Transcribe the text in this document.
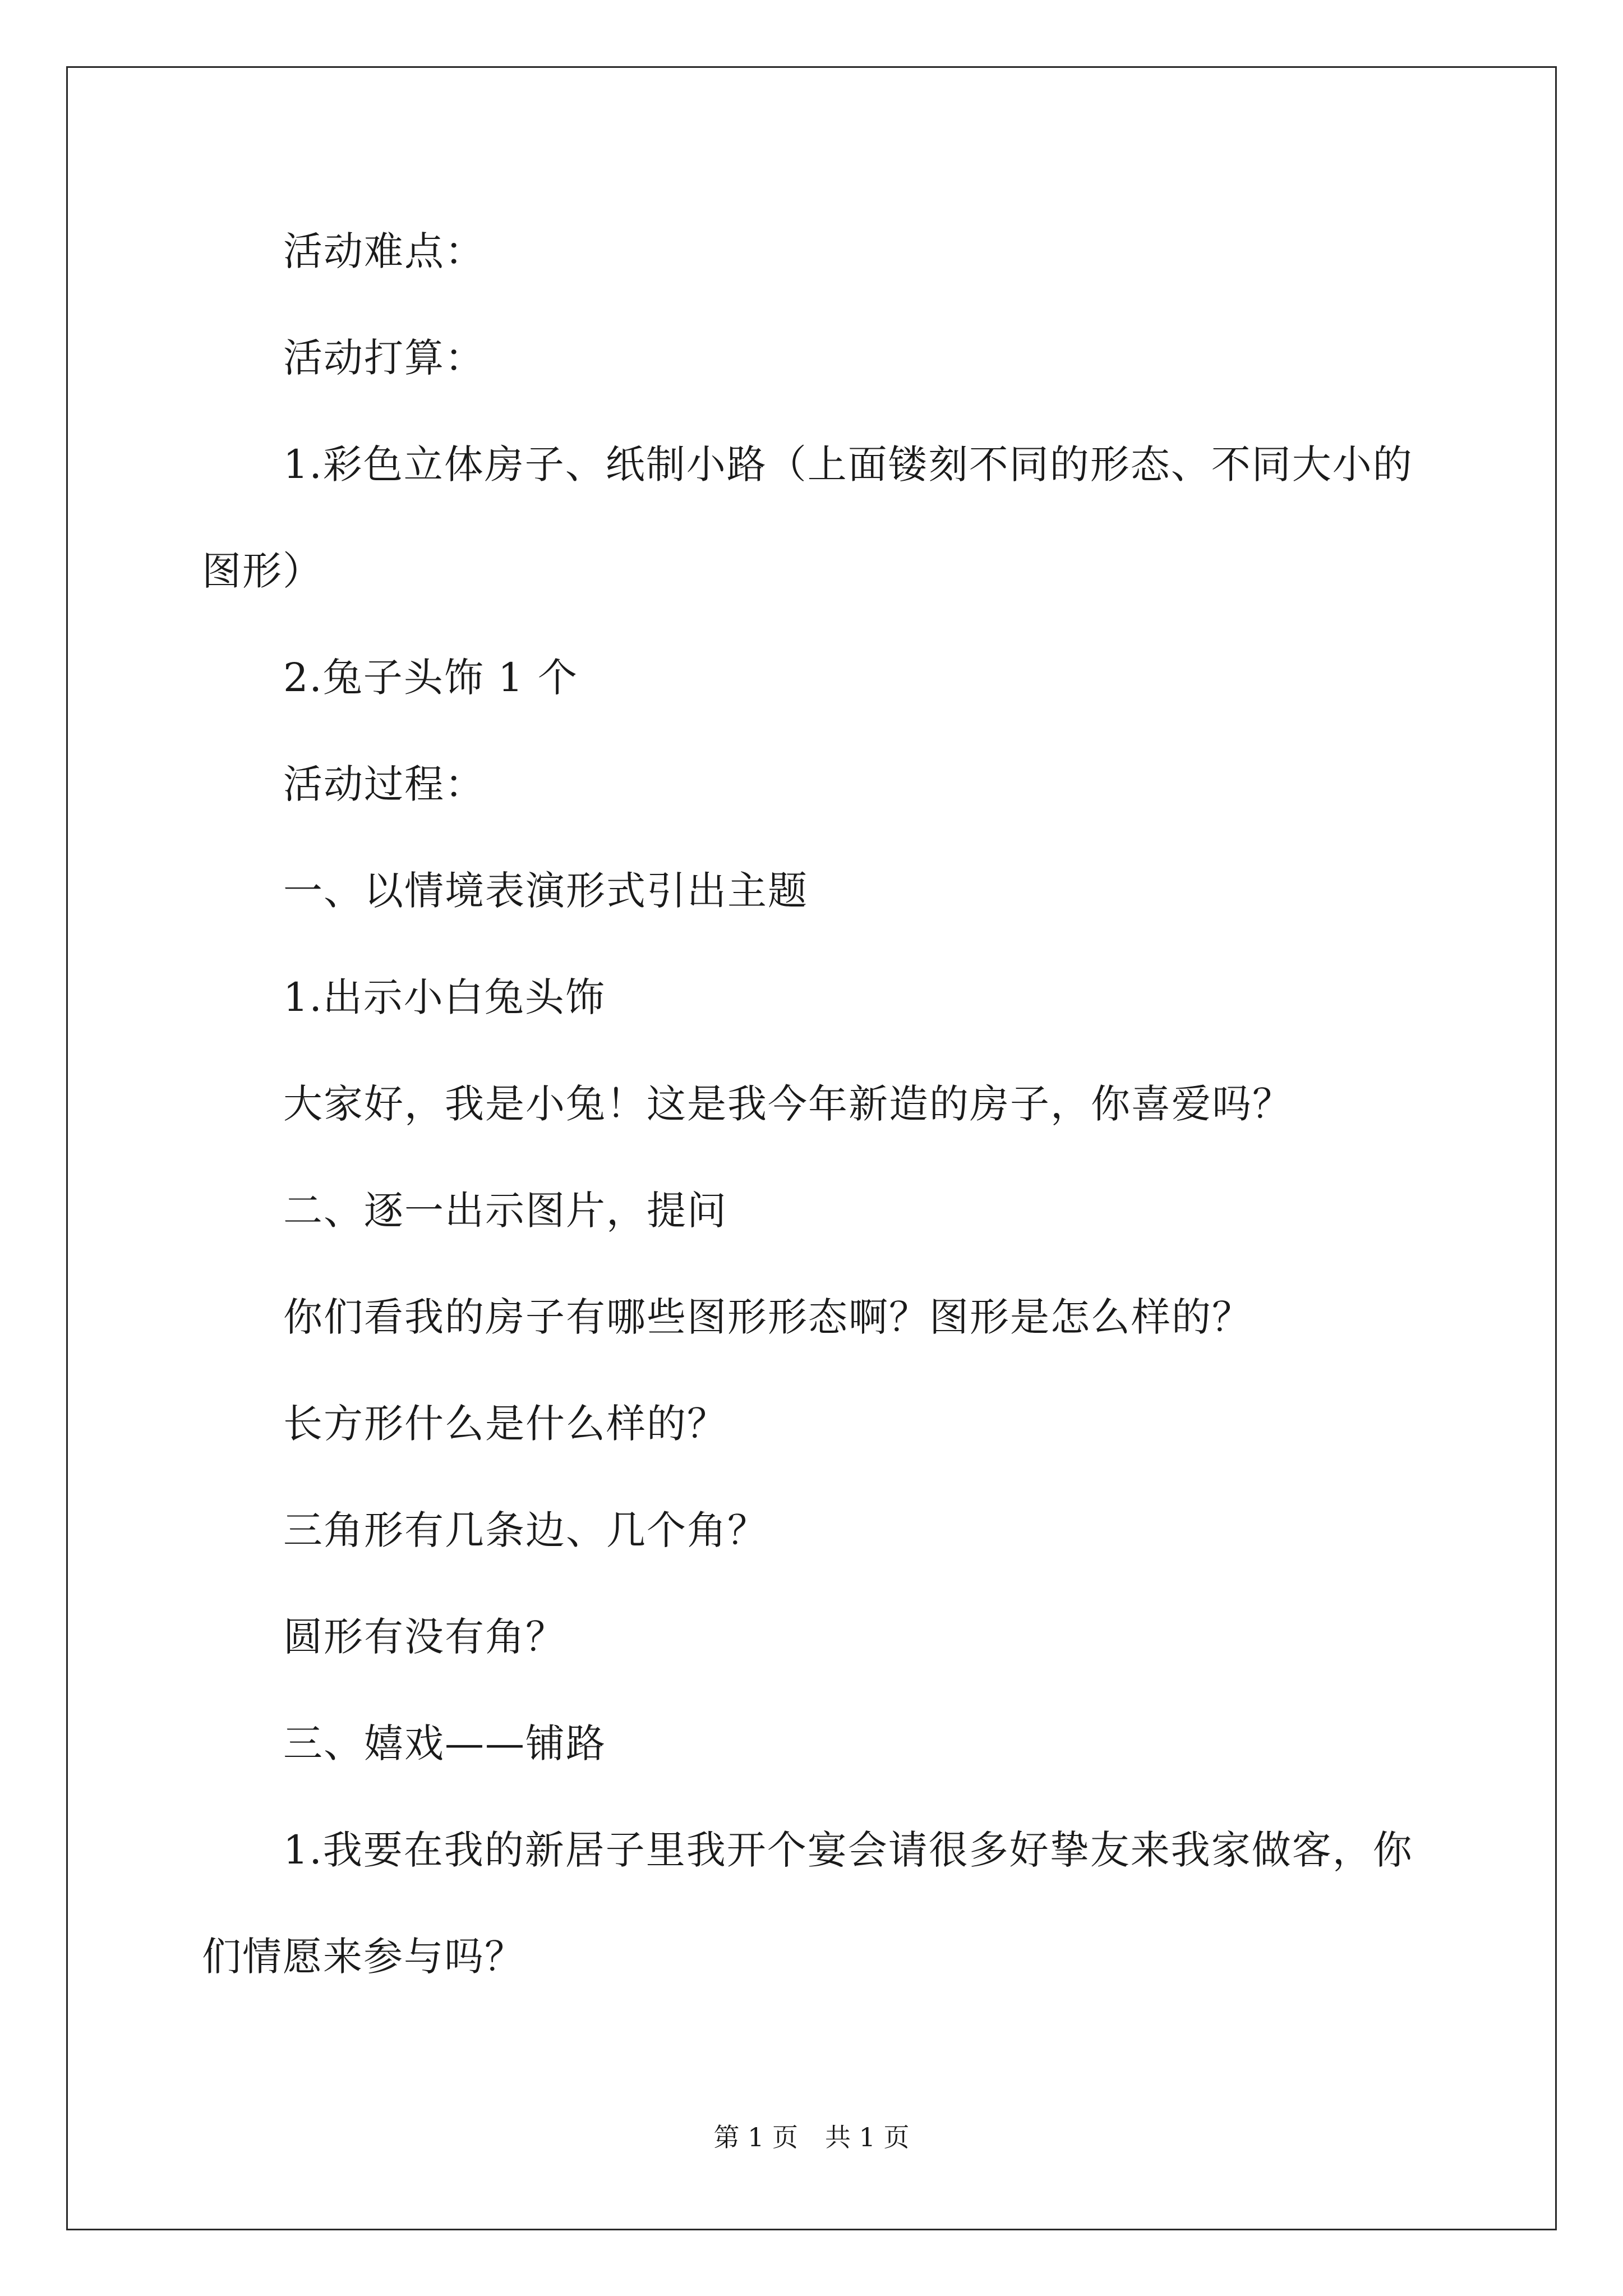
活动难点：
活动打算：
1.彩色立体房子、纸制小路（上面镂刻不同的形态、不同大小的
图形）
2.兔子头饰 1 个
活动过程：
一、以情境表演形式引出主题
1.出示小白兔头饰
大家好，我是小兔！这是我今年新造的房子，你喜爱吗？
二、逐一出示图片，提问
你们看我的房子有哪些图形形态啊？图形是怎么样的？
长方形什么是什么样的？
三角形有几条边、几个角？
圆形有没有角？
三、嬉戏——铺路
1.我要在我的新居子里我开个宴会请很多好挚友来我家做客，你
们情愿来参与吗？
第 1 页 共 1 页
